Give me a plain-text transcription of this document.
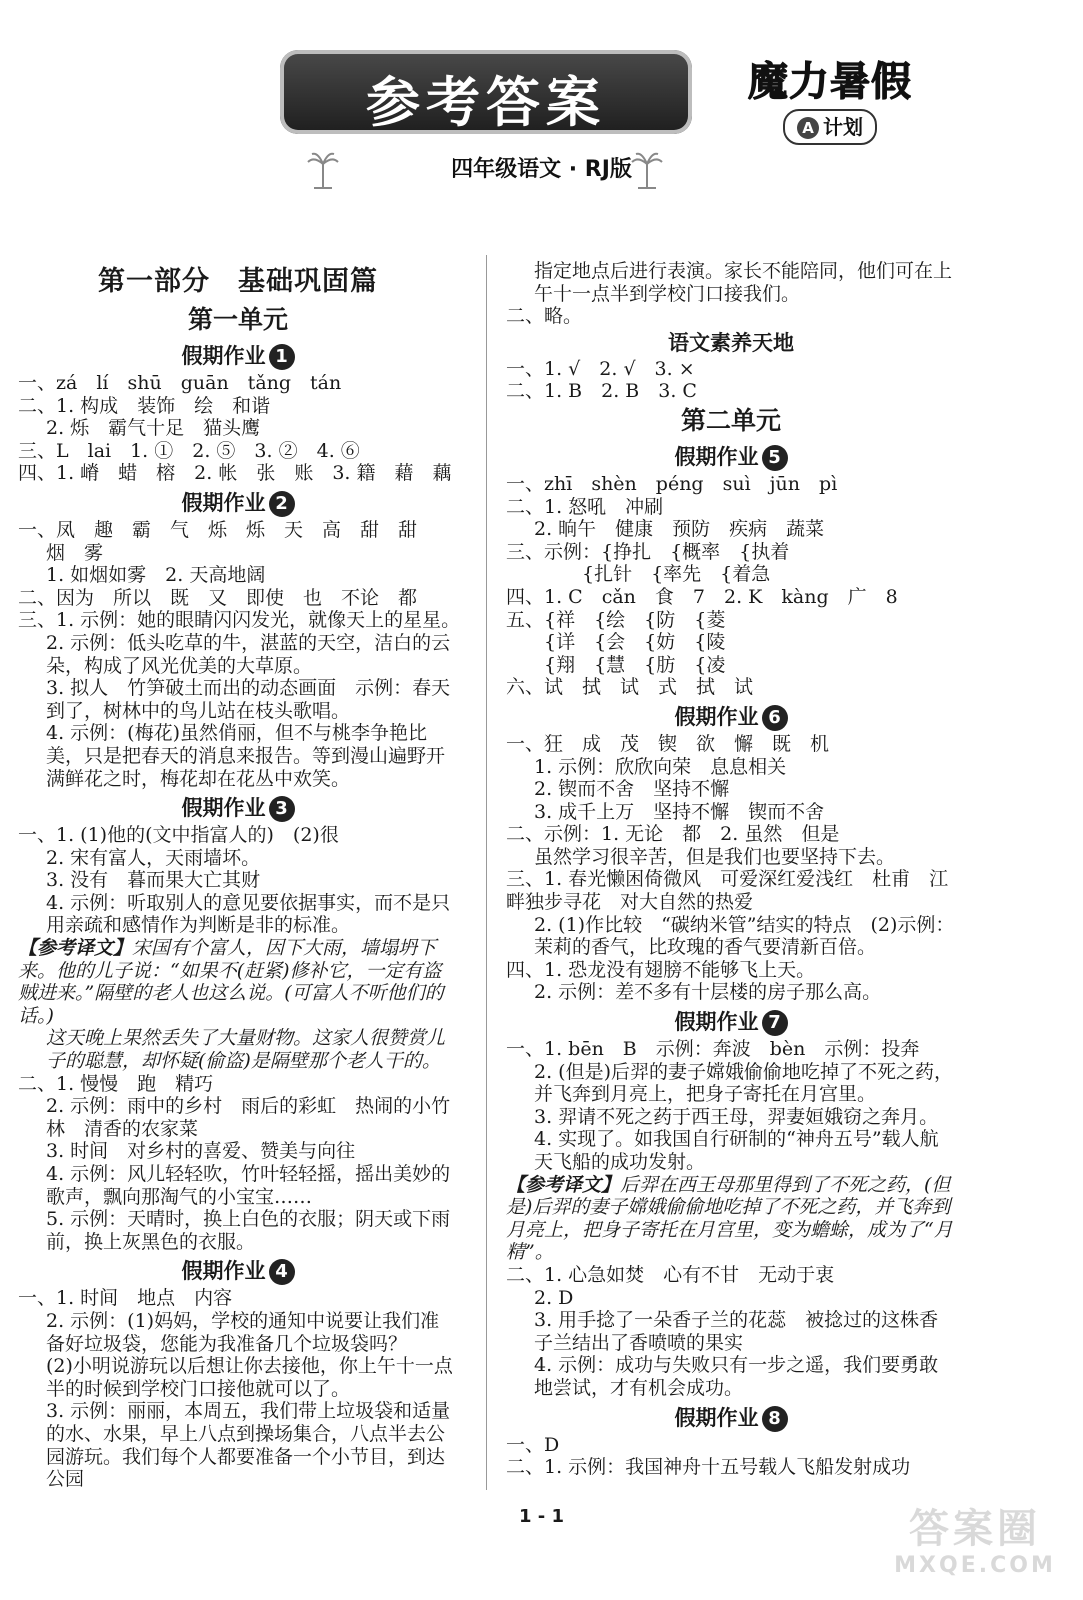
参考答案	魔力暑假
A 计划
四年级语文 · RJ版
第一部分　基础巩固篇
第一单元
假期作业 1
一、zá　lí　shū　guān　tǎng　tán
二、1. 构成　装饰　绘　和谐
2. 烁　霸气十足　猫头鹰
三、L　lai　1. ①　2. ⑤　3. ②　4. ⑥
四、1. 嵴　蜡　榕　2. 帐　张　账　3. 籍　藉　藕
假期作业 2
一、凤　趣　霸　气　烁　烁　天　高　甜　甜
烟　雾
1. 如烟如雾　2. 天高地阔
二、因为　所以　既　又　即使　也　不论　都
三、1. 示例：她的眼睛闪闪发光，就像天上的星星。
2. 示例：低头吃草的牛，湛蓝的天空，洁白的云朵，构成了风光优美的大草原。
3. 拟人　竹笋破土而出的动态画面　示例：春天到了，树林中的鸟儿站在枝头歌唱。
4. 示例：(梅花)虽然俏丽，但不与桃李争艳比美，只是把春天的消息来报告。等到漫山遍野开满鲜花之时，梅花却在花丛中欢笑。
假期作业 3
一、1. (1)他的(文中指富人的)　(2)很
2. 宋有富人，天雨墙坏。
3. 没有　暮而果大亡其财
4. 示例：听取别人的意见要依据事实，而不是只用亲疏和感情作为判断是非的标准。
【参考译文】宋国有个富人，因下大雨，墙塌坍下来。他的儿子说：“如果不(赶紧)修补它，一定有盗贼进来。”隔壁的老人也这么说。(可富人不听他们的话。)
这天晚上果然丢失了大量财物。这家人很赞赏儿子的聪慧，却怀疑(偷盗)是隔壁那个老人干的。
二、1. 慢慢　跑　精巧
2. 示例：雨中的乡村　雨后的彩虹　热闹的小竹林　清香的农家菜
3. 时间　对乡村的喜爱、赞美与向往
4. 示例：风儿轻轻吹，竹叶轻轻摇，摇出美妙的歌声，飘向那淘气的小宝宝……
5. 示例：天晴时，换上白色的衣服；阴天或下雨前，换上灰黑色的衣服。
假期作业 4
一、1. 时间　地点　内容
2. 示例：(1)妈妈，学校的通知中说要让我们准备好垃圾袋，您能为我准备几个垃圾袋吗？
(2)小明说游玩以后想让你去接他，你上午十一点半的时候到学校门口接他就可以了。
3. 示例：丽丽，本周五，我们带上垃圾袋和适量的水、水果，早上八点到操场集合，八点半去公园游玩。我们每个人都要准备一个小节目，到达公园
指定地点后进行表演。家长不能陪同，他们可在上午十一点半到学校门口接我们。
二、略。
语文素养天地
一、1. √　2. √　3. ×
二、1. B　2. B　3. C
第二单元
假期作业 5
一、zhī　shèn　péng　suì　jūn　pì
二、1. 怒吼　冲刷
2. 晌午　健康　预防　疾病　蔬菜
三、示例：{挣扎　{概率　{执着
　　　　{扎针　{率先　{着急
四、1. C　cǎn　食　7　2. K　kàng　广　8
五、{祥　{绘　{防　{菱
　　{详　{会　{妨　{陵
　　{翔　{慧　{肪　{凌
六、试　拭　试　式　拭　试
假期作业 6
一、狂　成　茂　锲　欲　懈　既　机
1. 示例：欣欣向荣　息息相关
2. 锲而不舍　坚持不懈
3. 成千上万　坚持不懈　锲而不舍
二、示例：1. 无论　都　2. 虽然　但是
虽然学习很辛苦，但是我们也要坚持下去。
三、1. 春光懒困倚微风　可爱深红爱浅红　杜甫　江畔独步寻花　对大自然的热爱
2. (1)作比较　“碳纳米管”结实的特点　(2)示例：茉莉的香气，比玫瑰的香气要清新百倍。
四、1. 恐龙没有翅膀不能够飞上天。
2. 示例：差不多有十层楼的房子那么高。
假期作业 7
一、1. bēn　B　示例：奔波　bèn　示例：投奔
2. (但是)后羿的妻子嫦娥偷偷地吃掉了不死之药，并飞奔到月亮上，把身子寄托在月宫里。
3. 羿请不死之药于西王母，羿妻姮娥窃之奔月。
4. 实现了。如我国自行研制的“神舟五号”载人航天飞船的成功发射。
【参考译文】后羿在西王母那里得到了不死之药，(但是)后羿的妻子嫦娥偷偷地吃掉了不死之药，并飞奔到月亮上，把身子寄托在月宫里，变为蟾蜍，成为了“月精”。
二、1. 心急如焚　心有不甘　无动于衷
2. D
3. 用手捻了一朵香子兰的花蕊　被捻过的这株香子兰结出了香喷喷的果实
4. 示例：成功与失败只有一步之遥，我们要勇敢地尝试，才有机会成功。
假期作业 8
一、D
二、1. 示例：我国神舟十五号载人飞船发射成功
1 - 1	答案圈
MXQE.COM
